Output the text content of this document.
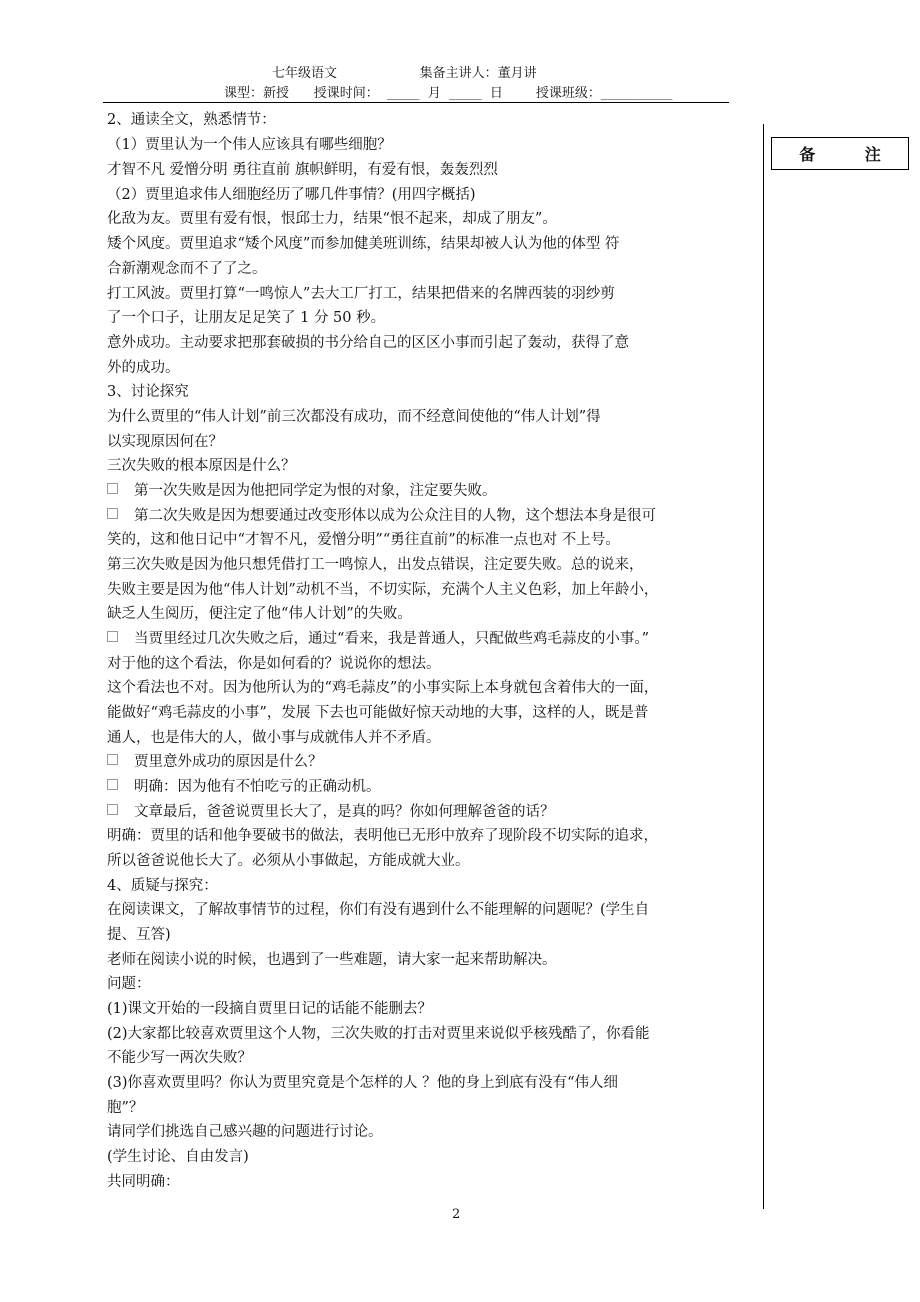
七年级语文                    集备主讲人：董月讲
课型：新授      授课时间：  _____  月  _____  日        授课班级：___________
备 注
2、通读全文，熟悉情节：
（1）贾里认为一个伟人应该具有哪些细胞？
才智不凡 爱憎分明 勇往直前 旗帜鲜明，有爱有恨，轰轰烈烈
（2）贾里追求伟人细胞经历了哪几件事情？(用四字概括)
化敌为友。贾里有爱有恨，恨邱士力，结果“恨不起来，却成了朋友”。
矮个风度。贾里追求“矮个风度”而参加健美班训练，结果却被人认为他的体型 符
合新潮观念而不了了之。
打工风波。贾里打算“一鸣惊人”去大工厂打工，结果把借来的名牌西装的羽纱剪
了一个口子，让朋友足足笑了 1 分 50 秒。
意外成功。主动要求把那套破损的书分给自己的区区小事而引起了轰动，获得了意
外的成功。
3、讨论探究
为什么贾里的“伟人计划”前三次都没有成功，而不经意间使他的“伟人计划”得
以实现原因何在？
三次失败的根本原因是什么？
第一次失败是因为他把同学定为恨的对象，注定要失败。
第二次失败是因为想要通过改变形体以成为公众注目的人物，这个想法本身是很可
笑的，这和他日记中“才智不凡，爱憎分明”“勇往直前”的标准一点也对 不上号。
第三次失败是因为他只想凭借打工一鸣惊人，出发点错误，注定要失败。总的说来，
失败主要是因为他“伟人计划”动机不当，不切实际，充满个人主义色彩，加上年龄小，
缺乏人生阅历，便注定了他“伟人计划”的失败。
当贾里经过几次失败之后，通过“看来，我是普通人，只配做些鸡毛蒜皮的小事。”
对于他的这个看法，你是如何看的？说说你的想法。
这个看法也不对。因为他所认为的“鸡毛蒜皮”的小事实际上本身就包含着伟大的一面，
能做好“鸡毛蒜皮的小事”，发展 下去也可能做好惊天动地的大事，这样的人，既是普
通人，也是伟大的人，做小事与成就伟人并不矛盾。
贾里意外成功的原因是什么？
明确：因为他有不怕吃亏的正确动机。
文章最后，爸爸说贾里长大了，是真的吗？你如何理解爸爸的话？
明确：贾里的话和他争要破书的做法，表明他已无形中放弃了现阶段不切实际的追求，
所以爸爸说他长大了。必须从小事做起，方能成就大业。
4、质疑与探究：
在阅读课文，了解故事情节的过程，你们有没有遇到什么不能理解的问题呢？(学生自
提、互答)
老师在阅读小说的时候，也遇到了一些难题，请大家一起来帮助解决。
问题：
(1)课文开始的一段摘自贾里日记的话能不能删去？
(2)大家都比较喜欢贾里这个人物，三次失败的打击对贾里来说似乎核残酷了，你看能
不能少写一两次失败？
(3)你喜欢贾里吗？你认为贾里究竟是个怎样的人 ？他的身上到底有没有“伟人细
胞”？
请同学们挑选自己感兴趣的问题进行讨论。
(学生讨论、自由发言)
共同明确：
2
